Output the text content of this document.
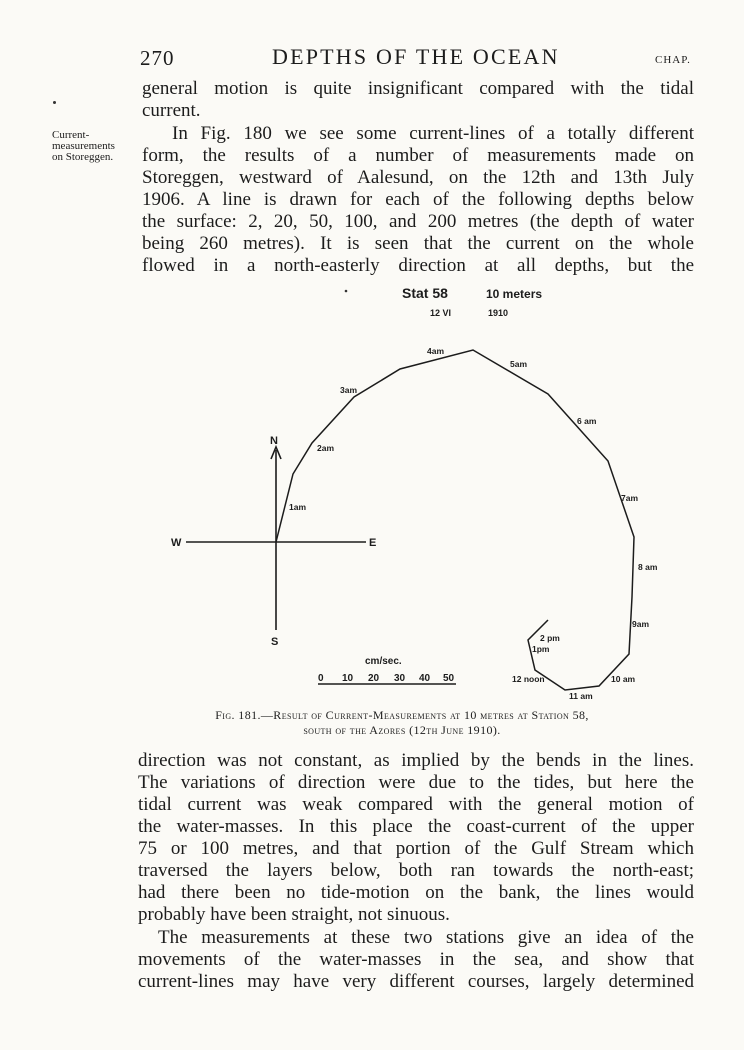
270	DEPTHS OF THE OCEAN	CHAP.
Current-
measurements
on Storeggen.
general motion is quite insignificant compared with the tidal
current.
In Fig. 180 we see some current-lines of a totally different
form, the results of a number of measurements made on
Storeggen, westward of Aalesund, on the 12th and 13th July
1906. A line is drawn for each of the following depths below
the surface: 2, 20, 50, 100, and 200 metres (the depth of water
being 260 metres). It is seen that the current on the whole
flowed in a north-easterly direction at all depths, but the
Stat 58	10 meters
12 VI	1910
N
S
E
W
1am
2am
3am
4am
5am
6 am
7am
8 am
9am
10 am
11 am
12 noon
1pm
2 pm
cm/sec.
0 10 20 30 40 50
Fig. 181.—Result of Current-Measurements at 10 metres at Station 58,
south of the Azores (12th June 1910).
direction was not constant, as implied by the bends in the lines.
The variations of direction were due to the tides, but here the
tidal current was weak compared with the general motion of
the water-masses. In this place the coast-current of the upper
75 or 100 metres, and that portion of the Gulf Stream which
traversed the layers below, both ran towards the north-east;
had there been no tide-motion on the bank, the lines would
probably have been straight, not sinuous.
The measurements at these two stations give an idea of the
movements of the water-masses in the sea, and show that
current-lines may have very different courses, largely determined
